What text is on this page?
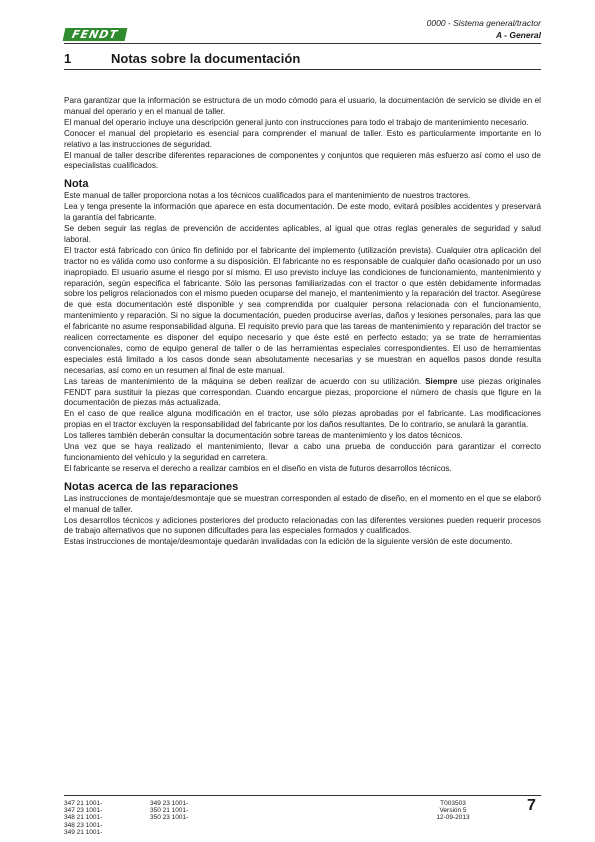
FENDT
0000 - Sistema general/tractor
A - General
1	Notas sobre la documentación

Para garantizar que la información se estructura de un modo cómodo para el usuario, la documentación de servicio se divide en el manual del operario y en el manual de taller.

El manual del operario incluye una descripción general junto con instrucciones para todo el trabajo de mantenimiento necesario.

Conocer el manual del propietario es esencial para comprender el manual de taller. Esto es particularmente importante en lo relativo a las instrucciones de seguridad.

El manual de taller describe diferentes reparaciones de componentes y conjuntos que requieren más esfuerzo así como el uso de especialistas cualificados.

Nota

Este manual de taller proporciona notas a los técnicos cualificados para el mantenimiento de nuestros tractores.

Lea y tenga presente la información que aparece en esta documentación. De este modo, evitará posibles accidentes y preservará la garantía del fabricante.

Se deben seguir las reglas de prevención de accidentes aplicables, al igual que otras reglas generales de seguridad y salud laboral.

El tractor está fabricado con único fin definido por el fabricante del implemento (utilización prevista). Cualquier otra aplicación del tractor no es válida como uso conforme a su disposición. El fabricante no es responsable de cualquier daño ocasionado por un uso inapropiado. El usuario asume el riesgo por sí mismo. El uso previsto incluye las condiciones de funcionamiento, mantenimiento y reparación, según especifica el fabricante. Sólo las personas familiarizadas con el tractor o que estén debidamente informadas sobre los peligros relacionados con el mismo pueden ocuparse del manejo, el mantenimiento y la reparación del tractor. Asegúrese de que esta documentación esté disponible y sea comprendida por cualquier persona relacionada con el funcionamiento, mantenimiento y reparación. Si no sigue la documentación, pueden producirse averías, daños y lesiones personales, para las que el fabricante no asume responsabilidad alguna. El requisito previo para que las tareas de mantenimiento y reparación del tractor se realicen correctamente es disponer del equipo necesario y que éste esté en perfecto estado; ya se trate de herramientas convencionales, como de equipo general de taller o de las herramientas especiales correspondientes. El uso de herramientas especiales está limitado a los casos donde sean absolutamente necesarias y se muestran en aquellos pasos donde resulta necesarias, así como en un resumen al final de este manual.

Las tareas de mantenimiento de la máquina se deben realizar de acuerdo con su utilización. Siempre use piezas originales FENDT para sustituir la piezas que correspondan. Cuando encargue piezas, proporcione el número de chasis que figure en la documentación de piezas más actualizada.

En el caso de que realice alguna modificación en el tractor, use sólo piezas aprobadas por el fabricante. Las modificaciones propias en el tractor excluyen la responsabilidad del fabricante por los daños resultantes. De lo contrario, se anulará la garantía.

Los talleres también deberán consultar la documentación sobre tareas de mantenimiento y los datos técnicos.

Una vez que se haya realizado el mantenimiento, llevar a cabo una prueba de conducción para garantizar el correcto funcionamiento del vehículo y la seguridad en carretera.

El fabricante se reserva el derecho a realizar cambios en el diseño en vista de futuros desarrollos técnicos.

Notas acerca de las reparaciones

Las instrucciones de montaje/desmontaje que se muestran corresponden al estado de diseño, en el momento en el que se elaboró el manual de taller.

Los desarrollos técnicos y adiciones posteriores del producto relacionadas con las diferentes versiones pueden requerir procesos de trabajo alternativos que no suponen dificultades para las especiales formados y cualificados.

Estas instrucciones de montaje/desmontaje quedarán invalidadas con la edición de la siguiente versión de este documento.

347 21 1001-
347 23 1001-
348 21 1001-
348 23 1001-
349 21 1001-
349 23 1001-
350 21 1001-
350 23 1001-
T003503
Versión 5
12-09-2013
7
